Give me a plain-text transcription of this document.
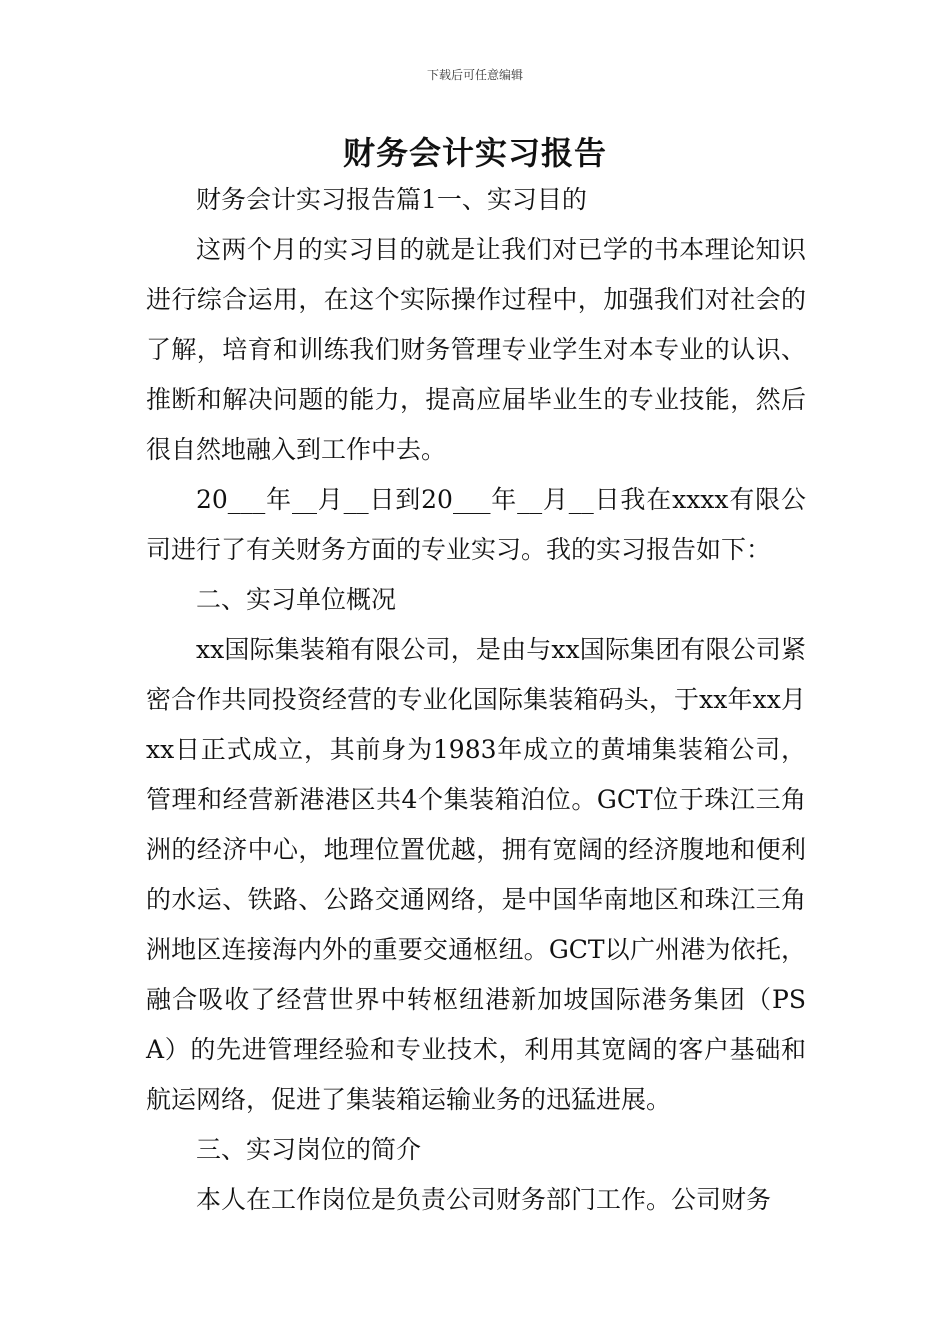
下载后可任意编辑
财务会计实习报告

财务会计实习报告篇1一、实习目的

这两个月的实习目的就是让我们对已学的书本理论知识进行综合运用，在这个实际操作过程中，加强我们对社会的了解，培育和训练我们财务管理专业学生对本专业的认识、推断和解决问题的能力，提高应届毕业生的专业技能，然后很自然地融入到工作中去。

20___年__月__日到20___年__月__日我在xxxx有限公司进行了有关财务方面的专业实习。我的实习报告如下：

二、实习单位概况

xx国际集装箱有限公司，是由与xx国际集团有限公司紧密合作共同投资经营的专业化国际集装箱码头，于xx年xx月xx日正式成立，其前身为1983年成立的黄埔集装箱公司，管理和经营新港港区共4个集装箱泊位。GCT位于珠江三角洲的经济中心，地理位置优越，拥有宽阔的经济腹地和便利的水运、铁路、公路交通网络，是中国华南地区和珠江三角洲地区连接海内外的重要交通枢纽。GCT以广州港为依托，融合吸收了经营世界中转枢纽港新加坡国际港务集团（PSA）的先进管理经验和专业技术，利用其宽阔的客户基础和航运网络，促进了集装箱运输业务的迅猛进展。

三、实习岗位的简介

本人在工作岗位是负责公司财务部门工作。公司财务
